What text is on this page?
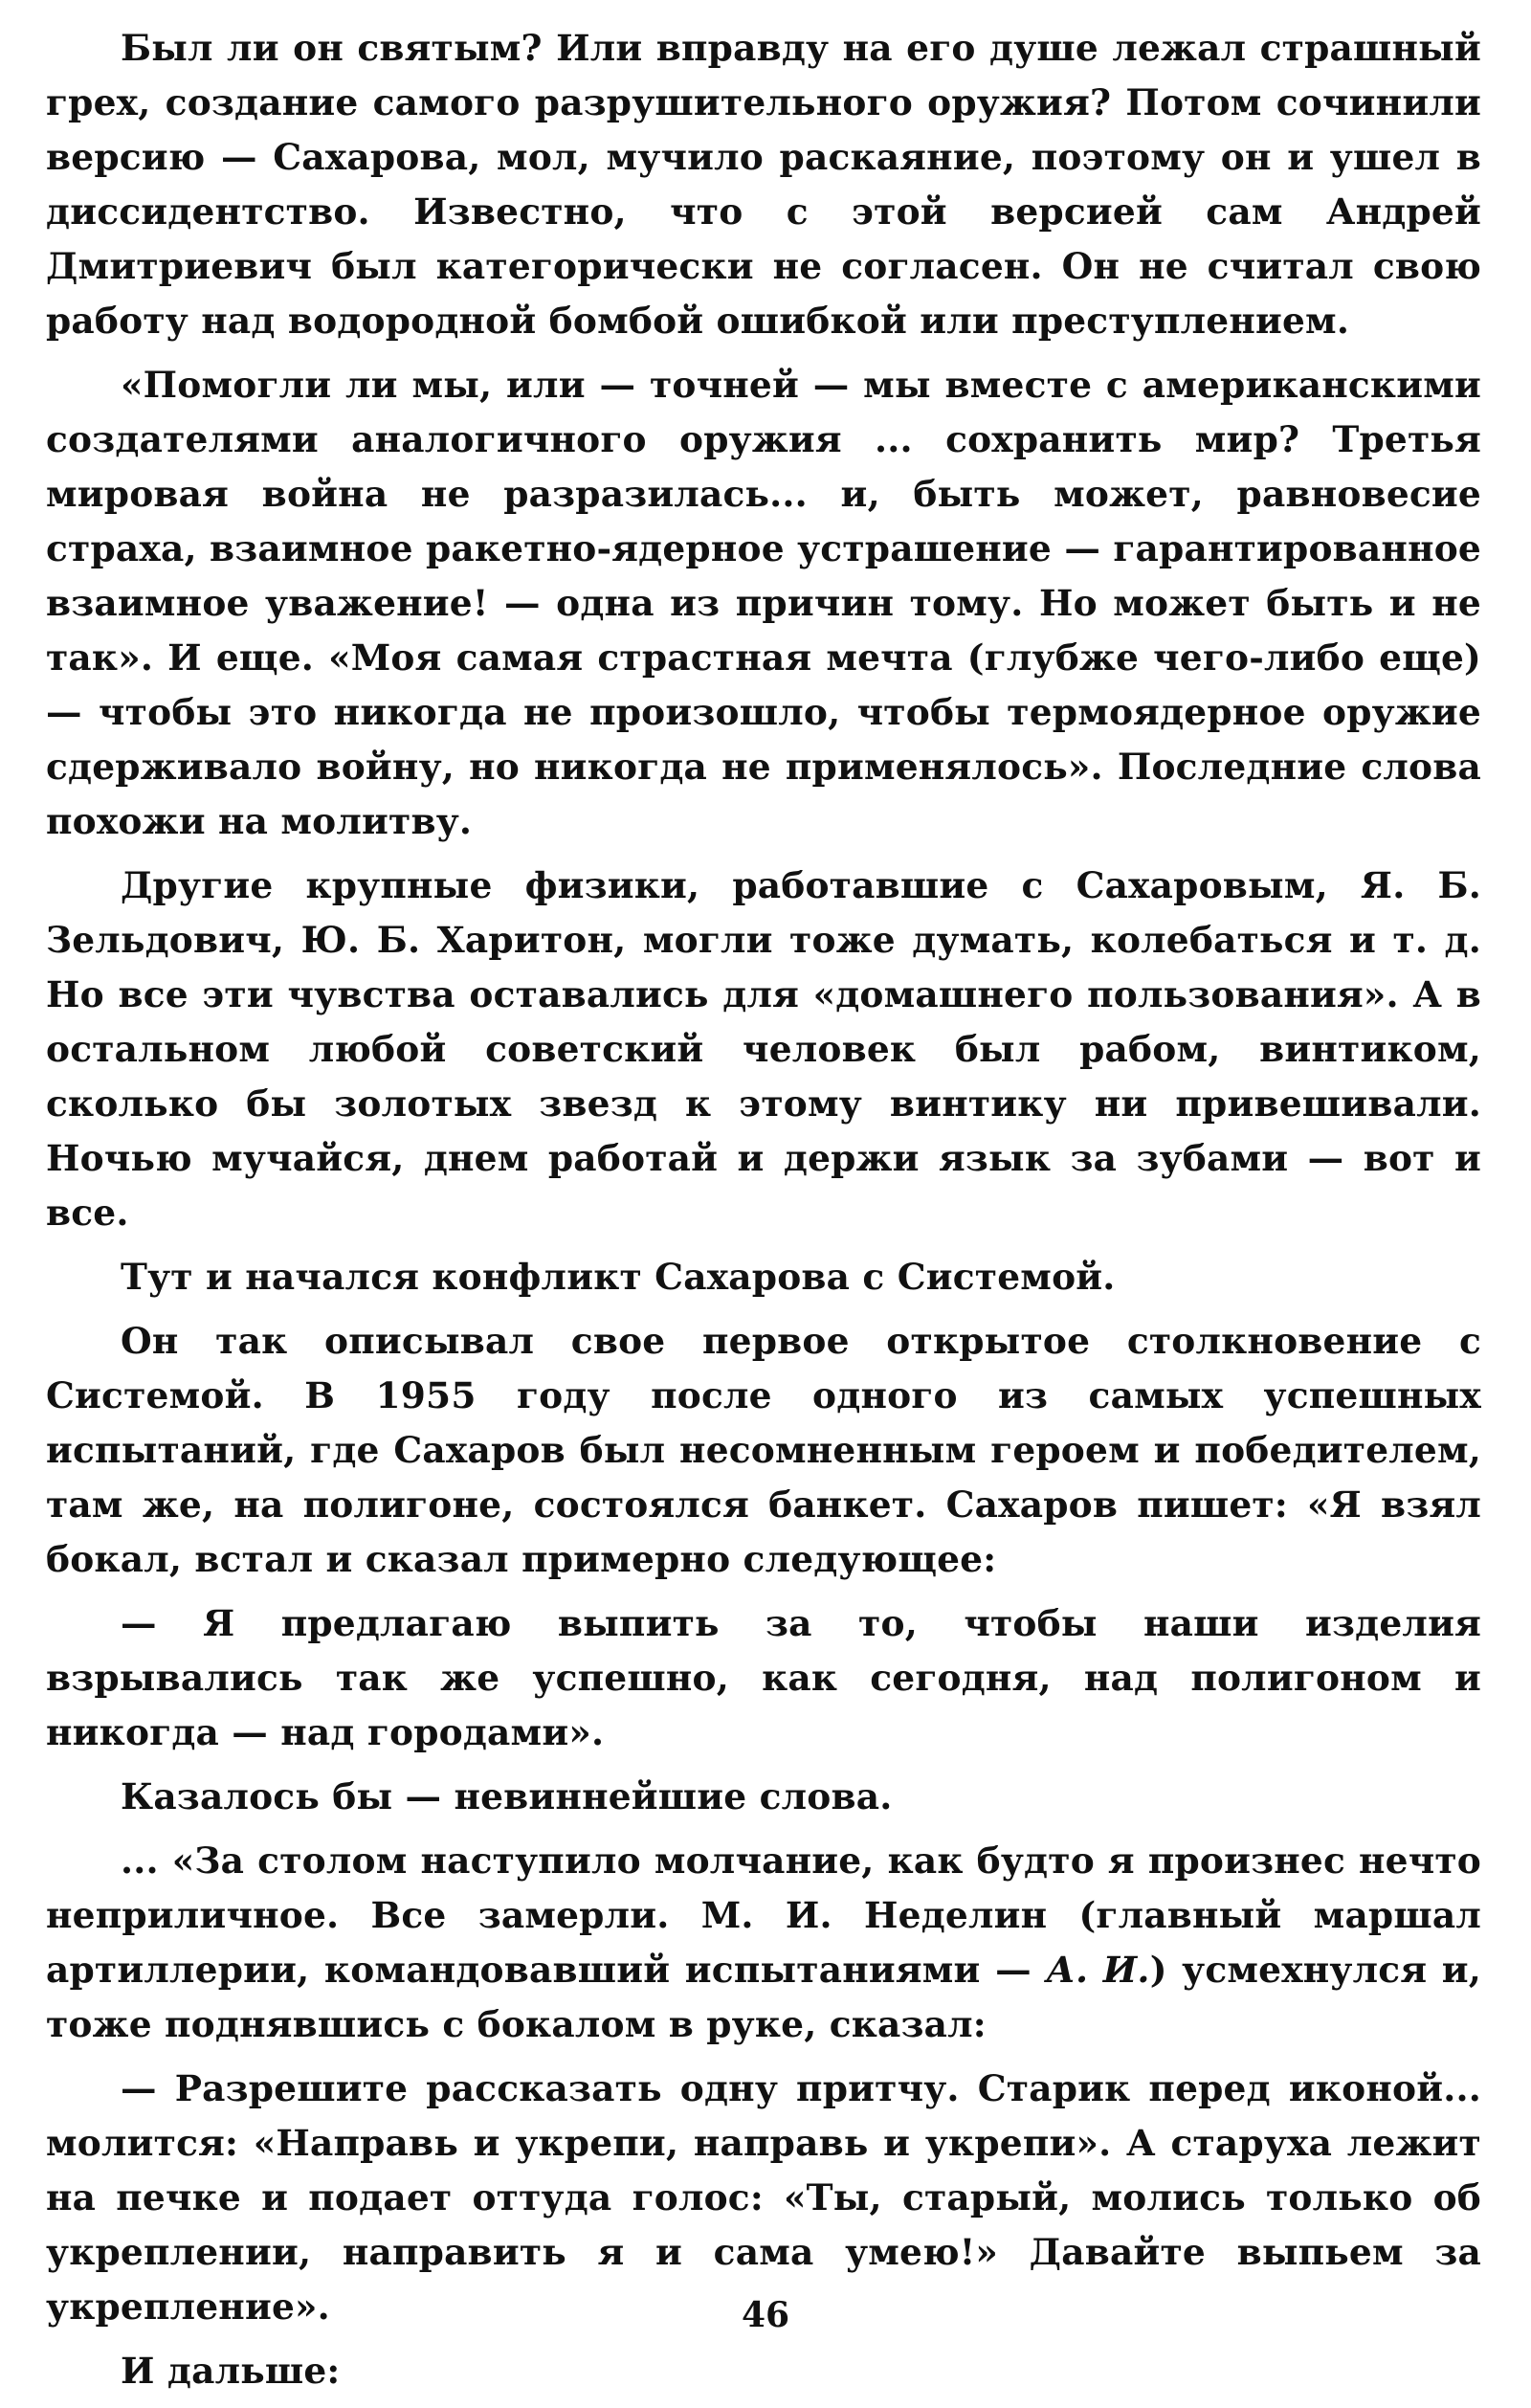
Был ли он святым? Или вправду на его душе лежал страшный грех, создание самого разрушительного оружия? Потом сочинили версию — Сахарова, мол, мучило раскаяние, поэтому он и ушел в диссидентство. Известно, что с этой версией сам Андрей Дмитриевич был категорически не согласен. Он не считал свою работу над водородной бомбой ошибкой или преступлением.

«Помогли ли мы, или — точней — мы вместе с американскими создателями аналогичного оружия ... сохранить мир? Третья мировая война не разразилась... и, быть может, равновесие страха, взаимное ракетно-ядерное устрашение — гарантированное взаимное уважение! — одна из причин тому. Но может быть и не так». И еще. «Моя самая страстная мечта (глубже чего-либо еще) — чтобы это никогда не произошло, чтобы термоядерное оружие сдерживало войну, но никогда не применялось». Последние слова похожи на молитву.

Другие крупные физики, работавшие с Сахаровым, Я. Б. Зельдович, Ю. Б. Харитон, могли тоже думать, колебаться и т. д. Но все эти чувства оставались для «домашнего пользования». А в остальном любой советский человек был рабом, винтиком, сколько бы золотых звезд к этому винтику ни привешивали. Ночью мучайся, днем работай и держи язык за зубами — вот и все.

Тут и начался конфликт Сахарова с Системой.

Он так описывал свое первое открытое столкновение с Системой. В 1955 году после одного из самых успешных испытаний, где Сахаров был несомненным героем и победителем, там же, на полигоне, состоялся банкет. Сахаров пишет: «Я взял бокал, встал и сказал примерно следующее:

— Я предлагаю выпить за то, чтобы наши изделия взрывались так же успешно, как сегодня, над полигоном и никогда — над городами».

Казалось бы — невиннейшие слова.

... «За столом наступило молчание, как будто я произнес нечто неприличное. Все замерли. М. И. Неделин (главный маршал артиллерии, командовавший испытаниями — А. И.) усмехнулся и, тоже поднявшись с бокалом в руке, сказал:

— Разрешите рассказать одну притчу. Старик перед иконой... молится: «Направь и укрепи, направь и укрепи». А старуха лежит на печке и подает оттуда голос: «Ты, старый, молись только об укреплении, направить я и сама умею!» Давайте выпьем за укрепление».

И дальше:

46
